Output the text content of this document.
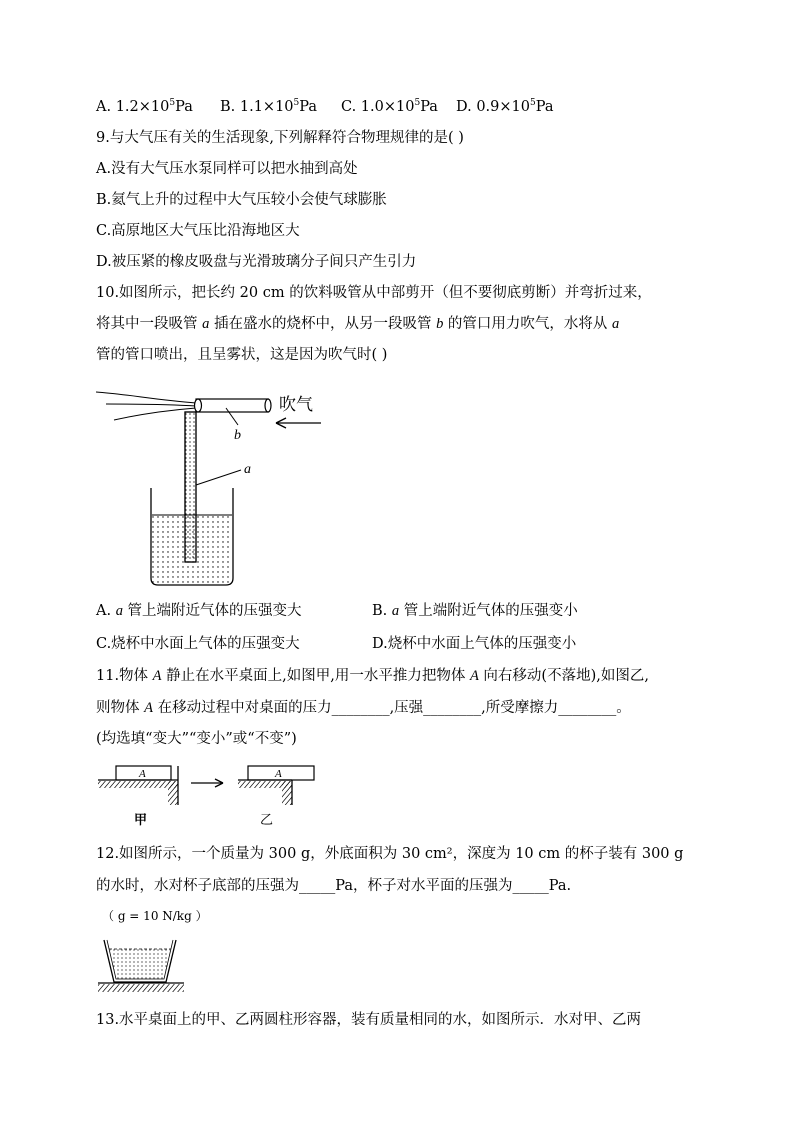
A. $1.2\times 10^5Pa$ B. $1.1\times 10^5Pa$ C. $1.0\times 10^5Pa$ D. $0.9\times 10^5Pa$
9.与大气压有关的生活现象,下列解释符合物理规律的是( )
A.没有大气压水泵同样可以把水抽到高处
B.氦气上升的过程中大气压较小会使气球膨胀
C.高原地区大气压比沿海地区大
D.被压紧的橡皮吸盘与光滑玻璃分子间只产生引力
10.如图所示，把长约 20 cm 的饮料吸管从中部剪开（但不要彻底剪断）并弯折过来，
将其中一段吸管 a 插在盛水的烧杯中，从另一段吸管 b 的管口用力吹气，水将从 a
管的管口喷出，且呈雾状，这是因为吹气时( )
b
a
吹气
A. a 管上端附近气体的压强变大	B. a 管上端附近气体的压强变小
C.烧杯中水面上气体的压强变大	D.烧杯中水面上气体的压强变小
11.物体 A 静止在水平桌面上,如图甲,用一水平推力把物体 A 向右移动(不落地),如图乙,
则物体 A 在移动过程中对桌面的压力________,压强________,所受摩擦力________。
(均选填“变大”“变小”或“不变”)
A	A
甲	乙
12.如图所示，一个质量为 300 g，外底面积为 30 cm²，深度为 10 cm 的杯子装有 300 g
的水时，水对杯子底部的压强为_____Pa，杯子对水平面的压强为_____Pa.
（ g = 10 N/kg ）
13.水平桌面上的甲、乙两圆柱形容器，装有质量相同的水，如图所示．水对甲、乙两
